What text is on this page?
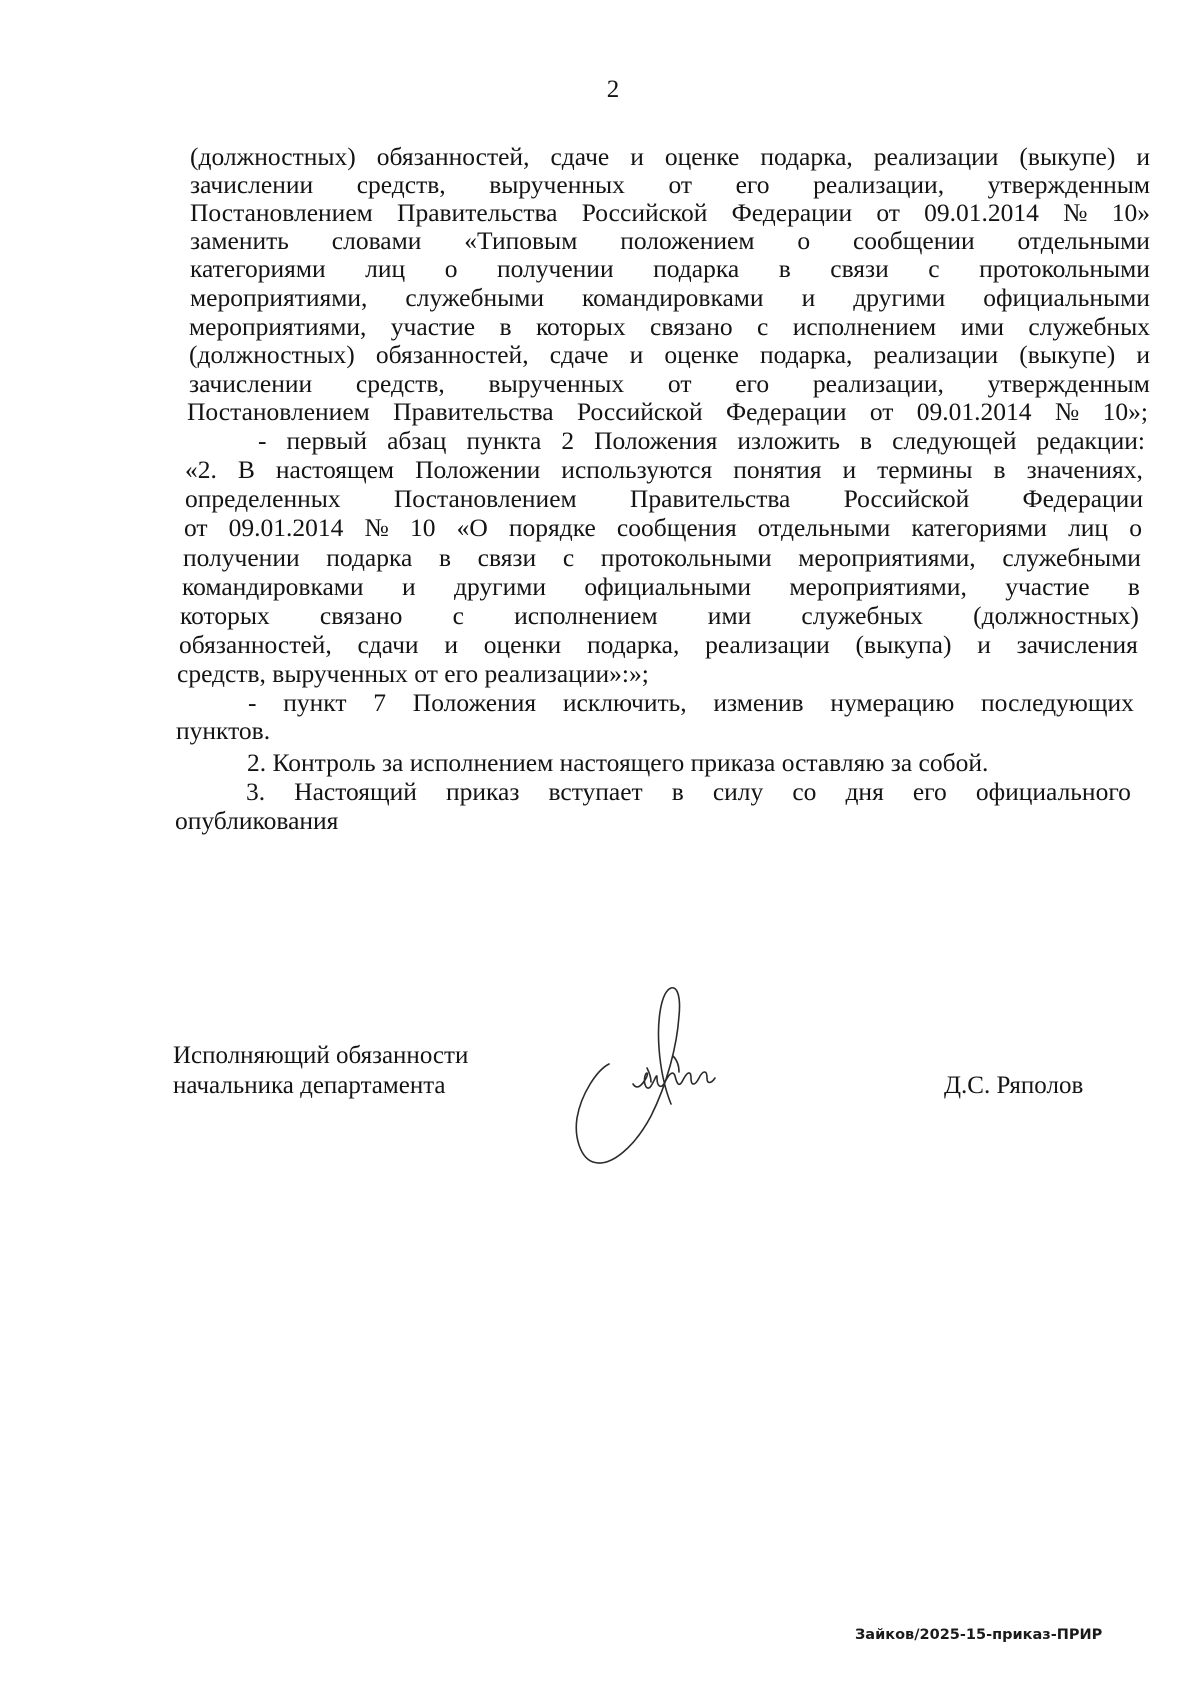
2
(должностных) обязанностей, сдаче и оценке подарка, реализации (выкупе) и
зачислении средств, вырученных от его реализации, утвержденным
Постановлением Правительства Российской Федерации от 09.01.2014 № 10»
заменить словами «Типовым положением о сообщении отдельными
категориями лиц о получении подарка в связи с протокольными
мероприятиями, служебными командировками и другими официальными
мероприятиями, участие в которых связано с исполнением ими служебных
(должностных) обязанностей, сдаче и оценке подарка, реализации (выкупе) и
зачислении средств, вырученных от его реализации, утвержденным
Постановлением Правительства Российской Федерации от 09.01.2014 № 10»;
- первый абзац пункта 2 Положения изложить в следующей редакции:
«2. В настоящем Положении используются понятия и термины в значениях,
определенных Постановлением Правительства Российской Федерации
от 09.01.2014 № 10 «О порядке сообщения отдельными категориями лиц о
получении подарка в связи с протокольными мероприятиями, служебными
командировками и другими официальными мероприятиями, участие в
которых связано с исполнением ими служебных (должностных)
обязанностей, сдачи и оценки подарка, реализации (выкупа) и зачисления
средств, вырученных от его реализации»:»;
- пункт 7 Положения исключить, изменив нумерацию последующих
пунктов.
2. Контроль за исполнением настоящего приказа оставляю за собой.
3. Настоящий приказ вступает в силу со дня его официального
опубликования
Исполняющий обязанности
начальника департамента	Д.С. Ряполов
Зайков/2025-15-приказ-ПРИР
